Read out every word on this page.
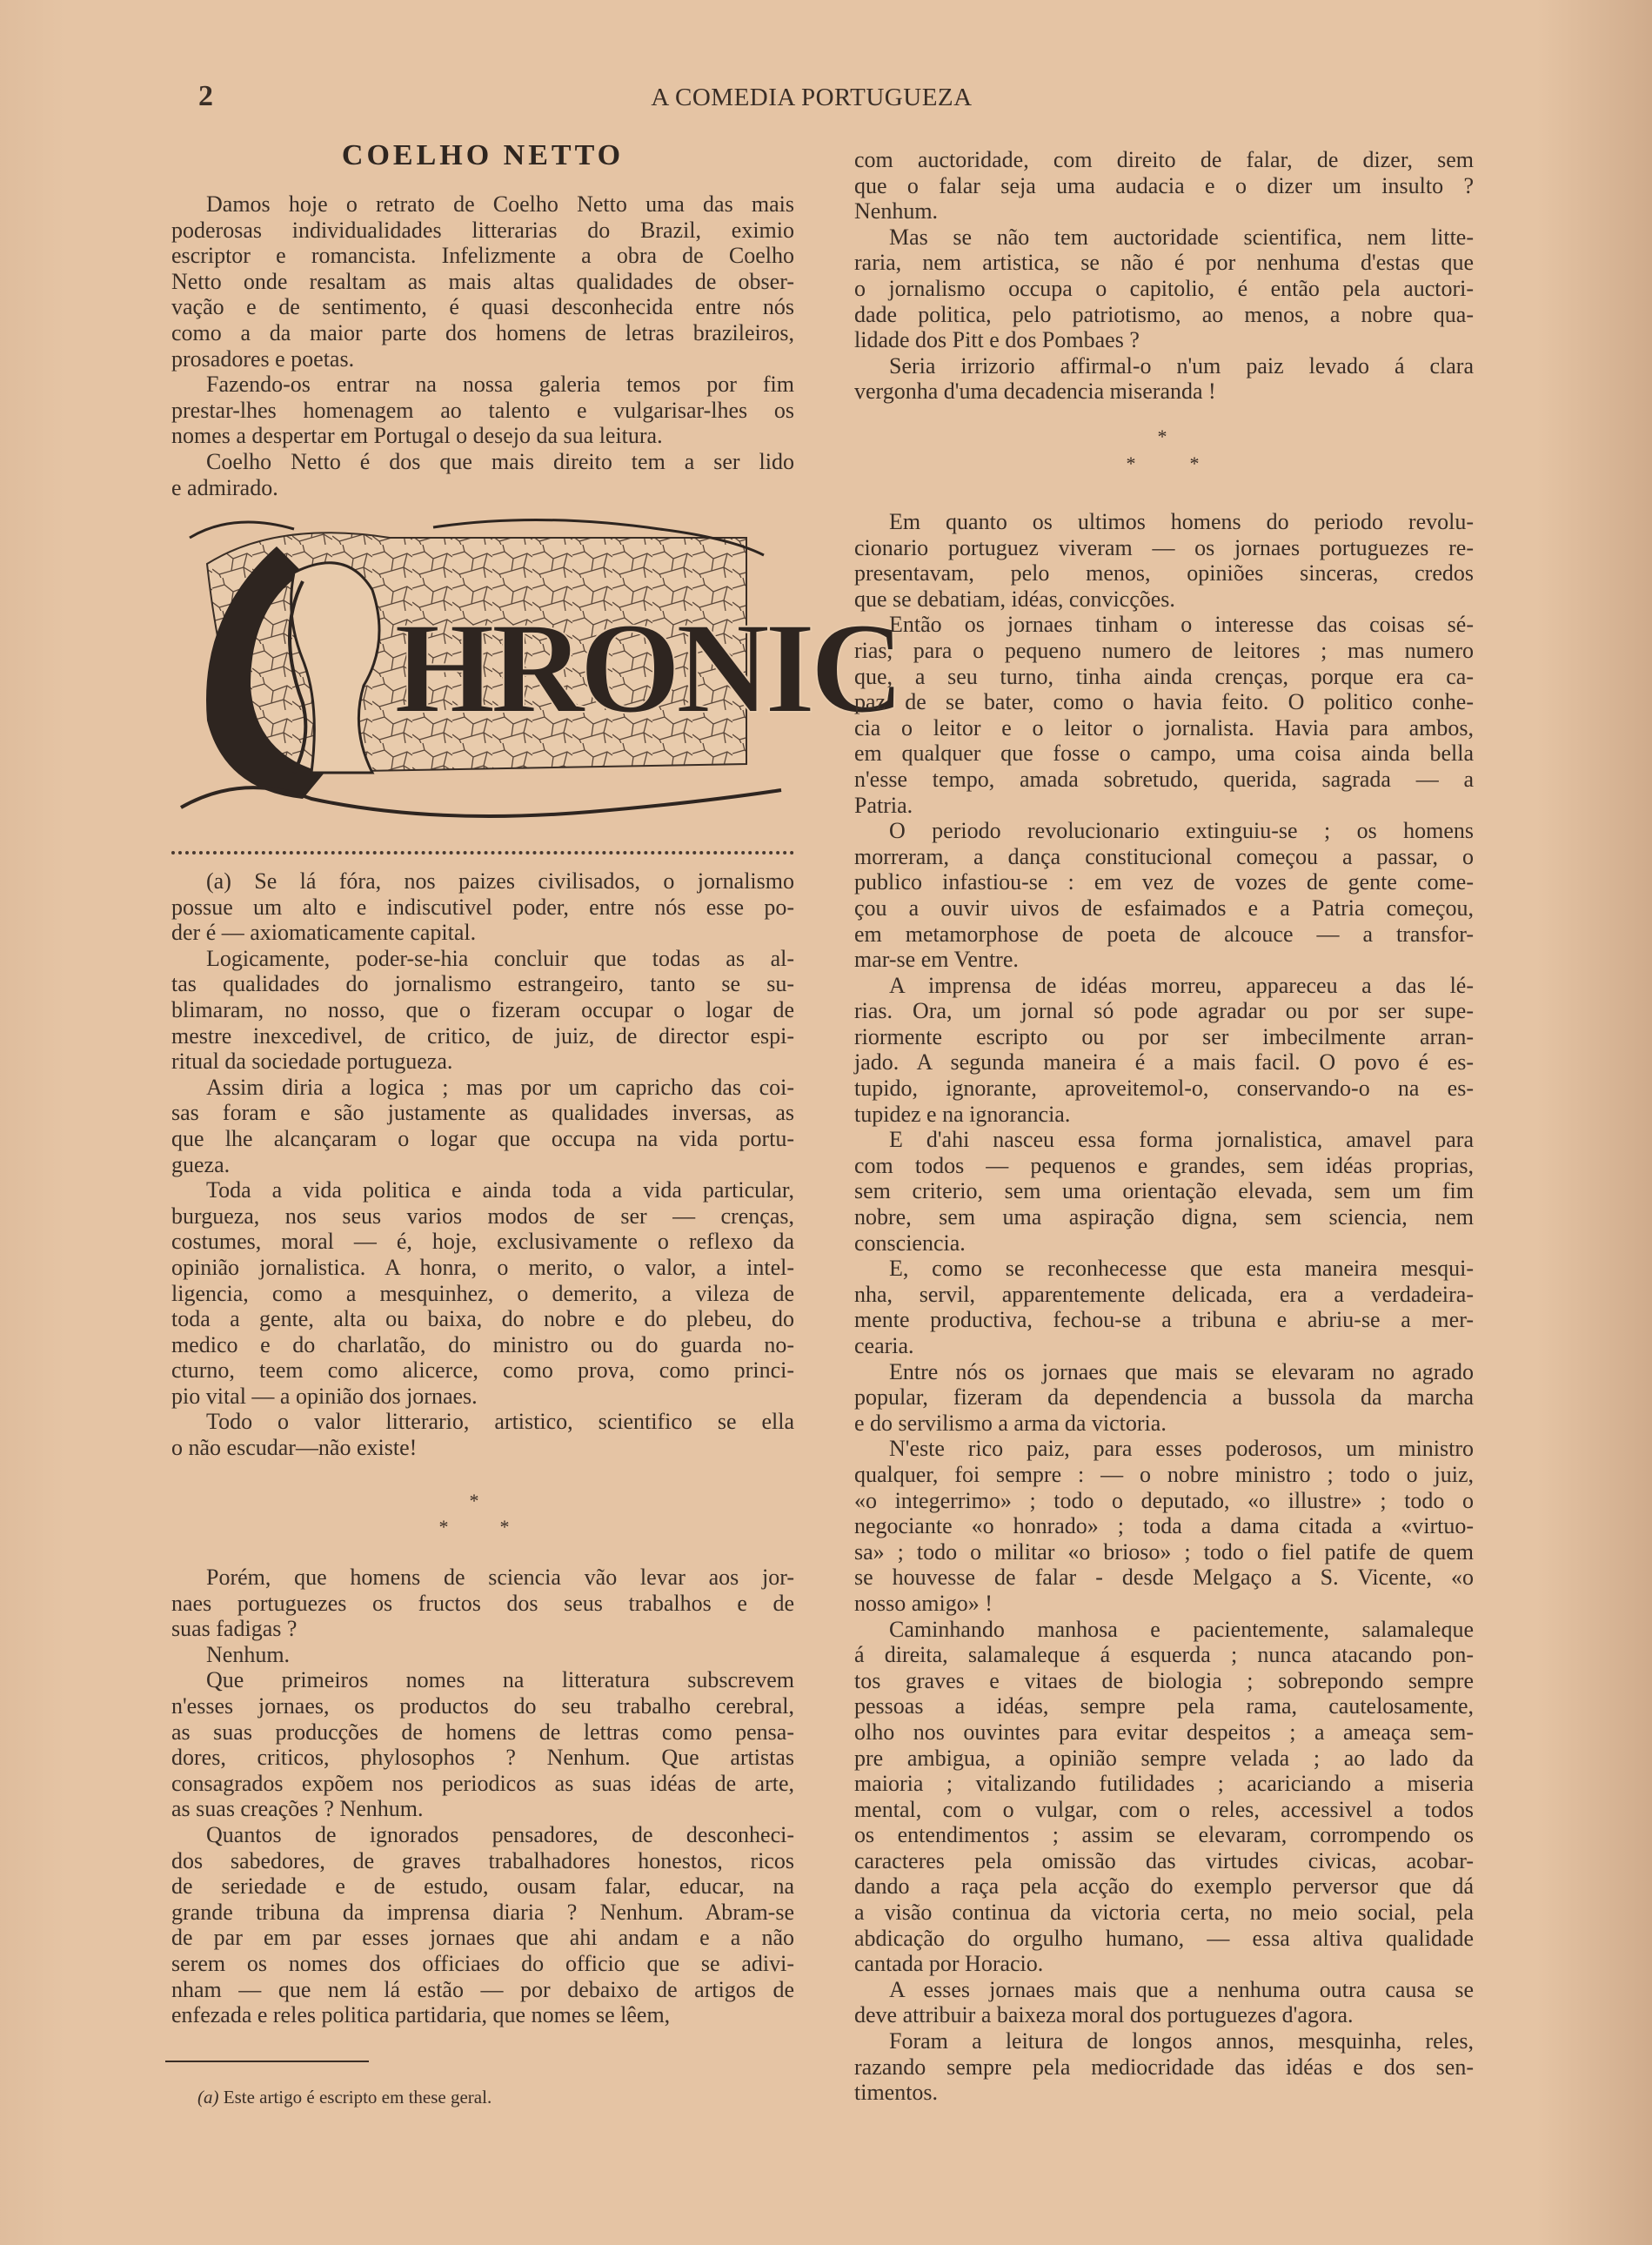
2	A COMEDIA PORTUGUEZA
COELHO NETTO
Damos hoje o retrato de Coelho Netto uma das mais
poderosas individualidades litterarias do Brazil, eximio
escriptor e romancista. Infelizmente a obra de Coelho
Netto onde resaltam as mais altas qualidades de obser-
vação e de sentimento, é quasi desconhecida entre nós
como a da maior parte dos homens de letras brazileiros,
prosadores e poetas.
Fazendo-os entrar na nossa galeria temos por fim
prestar-lhes homenagem ao talento e vulgarisar-lhes os
nomes a despertar em Portugal o desejo da sua leitura.
Coelho Netto é dos que mais direito tem a ser lido
e admirado.
HRONIC
(a) Se lá fóra, nos paizes civilisados, o jornalismo
possue um alto e indiscutivel poder, entre nós esse po-
der é — axiomaticamente capital.
Logicamente, poder-se-hia concluir que todas as al-
tas qualidades do jornalismo estrangeiro, tanto se su-
blimaram, no nosso, que o fizeram occupar o logar de
mestre inexcedivel, de critico, de juiz, de director espi-
ritual da sociedade portugueza.
Assim diria a logica ; mas por um capricho das coi-
sas foram e são justamente as qualidades inversas, as
que lhe alcançaram o logar que occupa na vida portu-
gueza.
Toda a vida politica e ainda toda a vida particular,
burgueza, nos seus varios modos de ser — crenças,
costumes, moral — é, hoje, exclusivamente o reflexo da
opinião jornalistica. A honra, o merito, o valor, a intel-
ligencia, como a mesquinhez, o demerito, a vileza de
toda a gente, alta ou baixa, do nobre e do plebeu, do
medico e do charlatão, do ministro ou do guarda no-
cturno, teem como alicerce, como prova, como princi-
pio vital — a opinião dos jornaes.
Todo o valor litterario, artistico, scientifico se ella
o não escudar—não existe!
*
*	*
Porém, que homens de sciencia vão levar aos jor-
naes portuguezes os fructos dos seus trabalhos e de
suas fadigas ?
Nenhum.
Que primeiros nomes na litteratura subscrevem
n'esses jornaes, os productos do seu trabalho cerebral,
as suas producções de homens de lettras como pensa-
dores, criticos, phylosophos ? Nenhum. Que artistas
consagrados expõem nos periodicos as suas idéas de arte,
as suas creações ? Nenhum.
Quantos de ignorados pensadores, de desconheci-
dos sabedores, de graves trabalhadores honestos, ricos
de seriedade e de estudo, ousam falar, educar, na
grande tribuna da imprensa diaria ? Nenhum. Abram-se
de par em par esses jornaes que ahi andam e a não
serem os nomes dos officiaes do officio que se adivi-
nham — que nem lá estão — por debaixo de artigos de
enfezada e reles politica partidaria, que nomes se lêem,
(a) Este artigo é escripto em these geral.
com auctoridade, com direito de falar, de dizer, sem
que o falar seja uma audacia e o dizer um insulto ?
Nenhum.
Mas se não tem auctoridade scientifica, nem litte-
raria, nem artistica, se não é por nenhuma d'estas que
o jornalismo occupa o capitolio, é então pela auctori-
dade politica, pelo patriotismo, ao menos, a nobre qua-
lidade dos Pitt e dos Pombaes ?
Seria irrizorio affirmal-o n'um paiz levado á clara
vergonha d'uma decadencia miseranda !
*
*	*
Em quanto os ultimos homens do periodo revolu-
cionario portuguez viveram — os jornaes portuguezes re-
presentavam, pelo menos, opiniões sinceras, credos
que se debatiam, idéas, convicções.
Então os jornaes tinham o interesse das coisas sé-
rias, para o pequeno numero de leitores ; mas numero
que, a seu turno, tinha ainda crenças, porque era ca-
paz de se bater, como o havia feito. O politico conhe-
cia o leitor e o leitor o jornalista. Havia para ambos,
em qualquer que fosse o campo, uma coisa ainda bella
n'esse tempo, amada sobretudo, querida, sagrada — a
Patria.
O periodo revolucionario extinguiu-se ; os homens
morreram, a dança constitucional começou a passar, o
publico infastiou-se : em vez de vozes de gente come-
çou a ouvir uivos de esfaimados e a Patria começou,
em metamorphose de poeta de alcouce — a transfor-
mar-se em Ventre.
A imprensa de idéas morreu, appareceu a das lé-
rias. Ora, um jornal só pode agradar ou por ser supe-
riormente escripto ou por ser imbecilmente arran-
jado. A segunda maneira é a mais facil. O povo é es-
tupido, ignorante, aproveitemol-o, conservando-o na es-
tupidez e na ignorancia.
E d'ahi nasceu essa forma jornalistica, amavel para
com todos — pequenos e grandes, sem idéas proprias,
sem criterio, sem uma orientação elevada, sem um fim
nobre, sem uma aspiração digna, sem sciencia, nem
consciencia.
E, como se reconhecesse que esta maneira mesqui-
nha, servil, apparentemente delicada, era a verdadeira-
mente productiva, fechou-se a tribuna e abriu-se a mer-
cearia.
Entre nós os jornaes que mais se elevaram no agrado
popular, fizeram da dependencia a bussola da marcha
e do servilismo a arma da victoria.
N'este rico paiz, para esses poderosos, um ministro
qualquer, foi sempre : — o nobre ministro ; todo o juiz,
«o integerrimo» ; todo o deputado, «o illustre» ; todo o
negociante «o honrado» ; toda a dama citada a «virtuo-
sa» ; todo o militar «o brioso» ; todo o fiel patife de quem
se houvesse de falar - desde Melgaço a S. Vicente, «o
nosso amigo» !
Caminhando manhosa e pacientemente, salamaleque
á direita, salamaleque á esquerda ; nunca atacando pon-
tos graves e vitaes de biologia ; sobrepondo sempre
pessoas a idéas, sempre pela rama, cautelosamente,
olho nos ouvintes para evitar despeitos ; a ameaça sem-
pre ambigua, a opinião sempre velada ; ao lado da
maioria ; vitalizando futilidades ; acariciando a miseria
mental, com o vulgar, com o reles, accessivel a todos
os entendimentos ; assim se elevaram, corrompendo os
caracteres pela omissão das virtudes civicas, acobar-
dando a raça pela acção do exemplo perversor que dá
a visão continua da victoria certa, no meio social, pela
abdicação do orgulho humano, — essa altiva qualidade
cantada por Horacio.
A esses jornaes mais que a nenhuma outra causa se
deve attribuir a baixeza moral dos portuguezes d'agora.
Foram a leitura de longos annos, mesquinha, reles,
razando sempre pela mediocridade das idéas e dos sen-
timentos.
